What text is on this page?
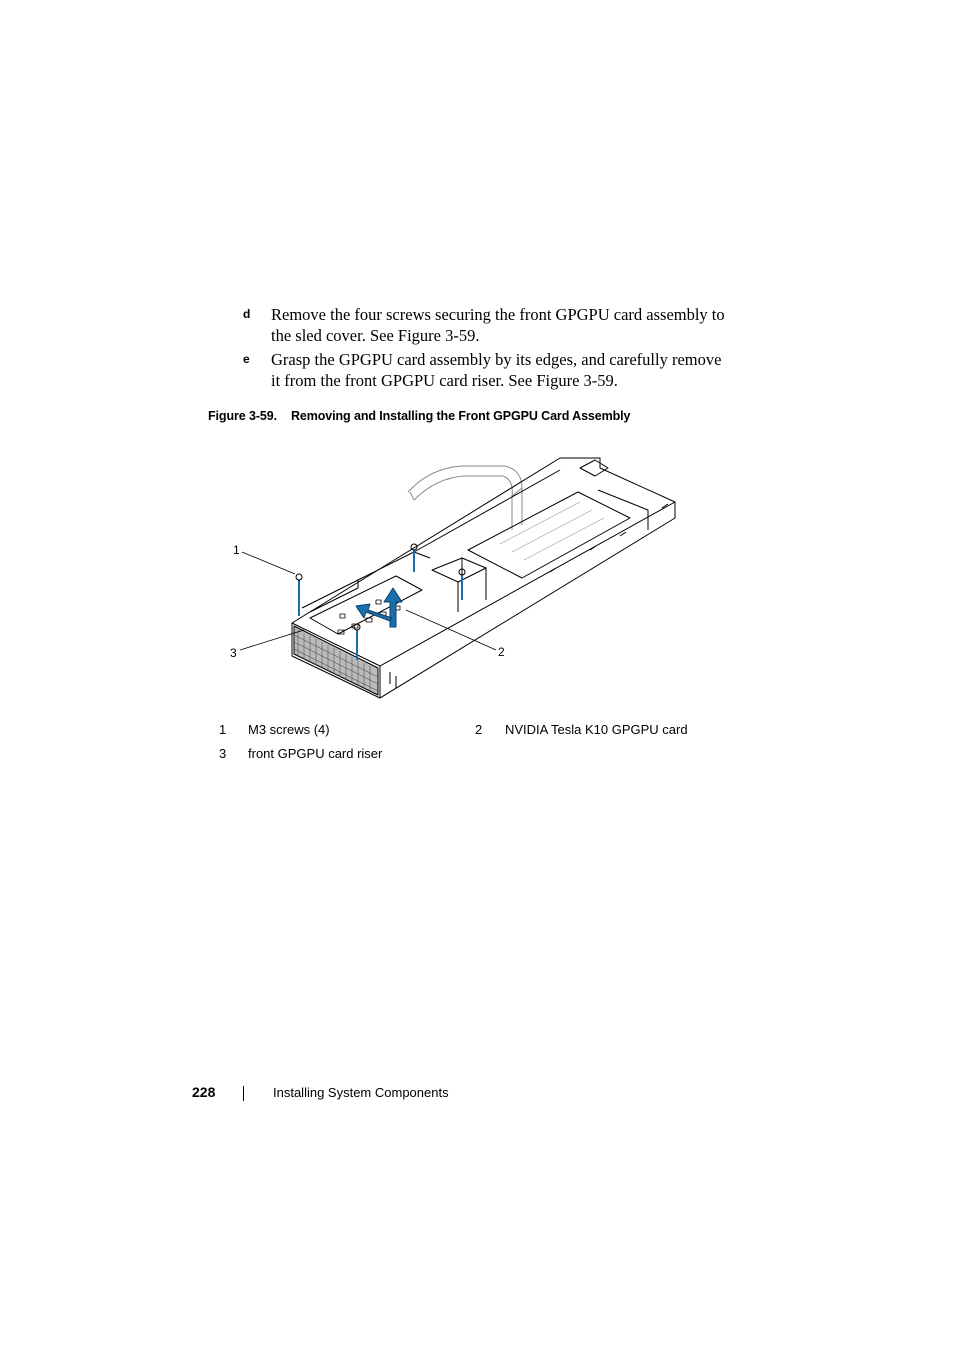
d Remove the four screws securing the front GPGPU card assembly to the sled cover. See Figure 3-59.
e Grasp the GPGPU card assembly by its edges, and carefully remove it from the front GPGPU card riser. See Figure 3-59.
Figure 3-59. Removing and Installing the Front GPGPU Card Assembly
1
2
3
1 M3 screws (4)	2 NVIDIA Tesla K10 GPGPU card
3 front GPGPU card riser
228	Installing System Components
